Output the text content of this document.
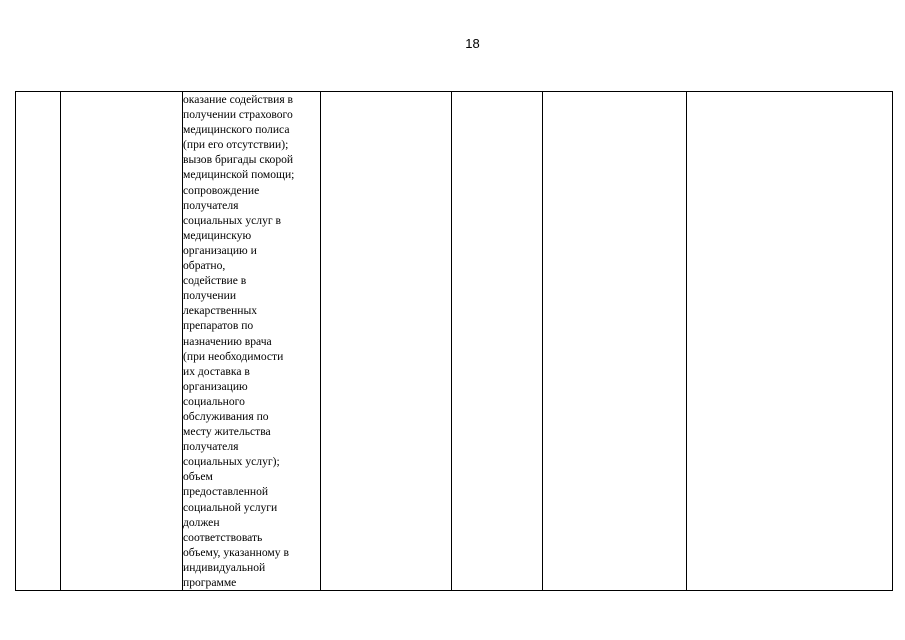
18

оказание содействия в
получении страхового
медицинского полиса
(при его отсутствии);
вызов бригады скорой
медицинской помощи;
сопровождение
получателя
социальных услуг в
медицинскую
организацию и
обратно,
содействие в
получении
лекарственных
препаратов по
назначению врача
(при необходимости
их доставка в
организацию
социального
обслуживания по
месту жительства
получателя
социальных услуг);
объем
предоставленной
социальной услуги
должен
соответствовать
объему, указанному в
индивидуальной
программе
